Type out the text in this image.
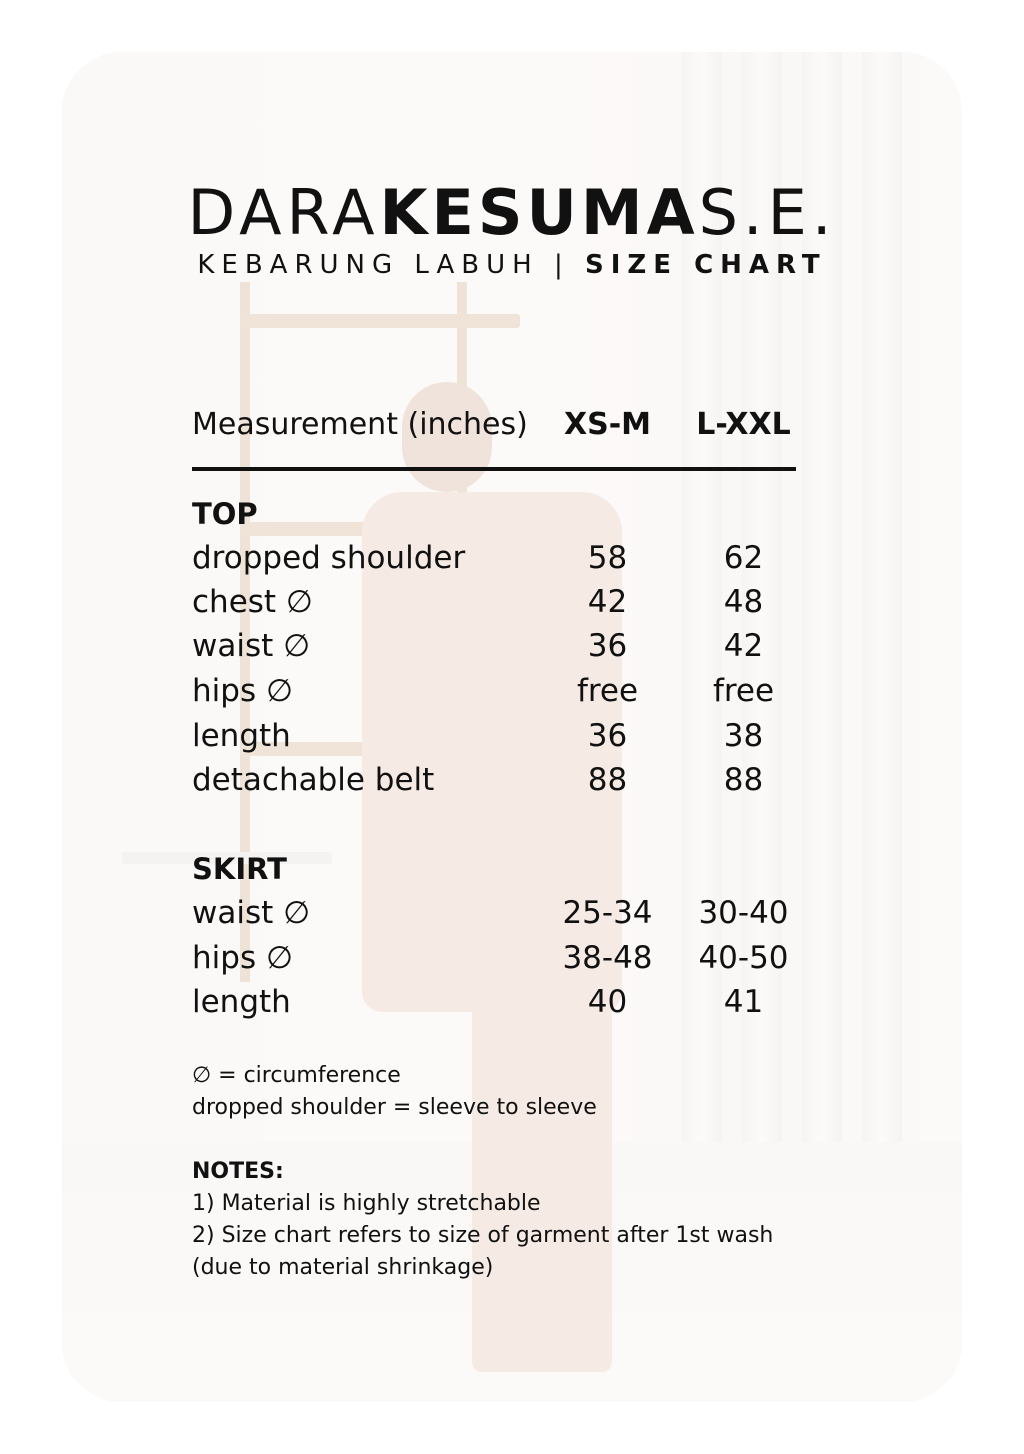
DARAKESUMAS.E.
KEBARUNG LABUH | SIZE CHART
Measurement (inches)	XS-M	L-XXL
TOP
dropped shoulder	58	62
chest ∅	42	48
waist ∅	36	42
hips ∅	free	free
length	36	38
detachable belt	88	88
SKIRT
waist ∅	25-34	30-40
hips ∅	38-48	40-50
length	40	41
∅ = circumference
dropped shoulder = sleeve to sleeve
NOTES:
1) Material is highly stretchable
2) Size chart refers to size of garment after 1st wash
(due to material shrinkage)
